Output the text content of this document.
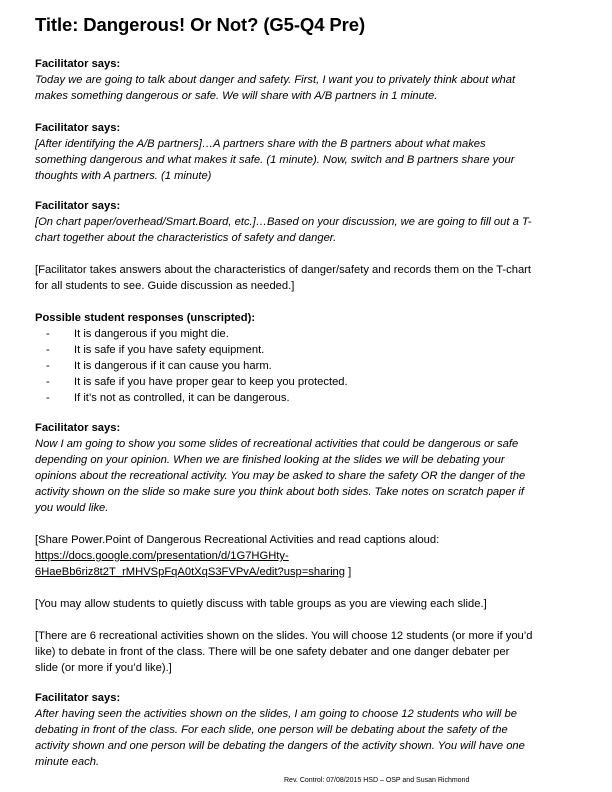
Title: Dangerous! Or Not? (G5-Q4 Pre)
Facilitator says:
Today we are going to talk about danger and safety. First, I want you to privately think about what
makes something dangerous or safe. We will share with A/B partners in 1 minute.
Facilitator says:
[After identifying the A/B partners]…A partners share with the B partners about what makes
something dangerous and what makes it safe. (1 minute). Now, switch and B partners share your
thoughts with A partners. (1 minute)
Facilitator says:
[On chart paper/overhead/Smart.Board, etc.]…Based on your discussion, we are going to fill out a T-
chart together about the characteristics of safety and danger.
[Facilitator takes answers about the characteristics of danger/safety and records them on the T-chart
for all students to see. Guide discussion as needed.]
Possible student responses (unscripted):
- It is dangerous if you might die.
- It is safe if you have safety equipment.
- It is dangerous if it can cause you harm.
- It is safe if you have proper gear to keep you protected.
- If it’s not as controlled, it can be dangerous.
Facilitator says:
Now I am going to show you some slides of recreational activities that could be dangerous or safe
depending on your opinion. When we are finished looking at the slides we will be debating your
opinions about the recreational activity. You may be asked to share the safety OR the danger of the
activity shown on the slide so make sure you think about both sides. Take notes on scratch paper if
you would like.
[Share Power.Point of Dangerous Recreational Activities and read captions aloud:
https://docs.google.com/presentation/d/1G7HGHty-
6HaeBb6riz8t2T_rMHVSpFqA0tXqS3FVPvA/edit?usp=sharing ]
[You may allow students to quietly discuss with table groups as you are viewing each slide.]
[There are 6 recreational activities shown on the slides. You will choose 12 students (or more if you’d
like) to debate in front of the class. There will be one safety debater and one danger debater per
slide (or more if you’d like).]
Facilitator says:
After having seen the activities shown on the slides, I am going to choose 12 students who will be
debating in front of the class. For each slide, one person will be debating about the safety of the
activity shown and one person will be debating the dangers of the activity shown. You will have one
minute each.
Rev. Control: 07/08/2015 HSD – OSP and Susan Richmond
